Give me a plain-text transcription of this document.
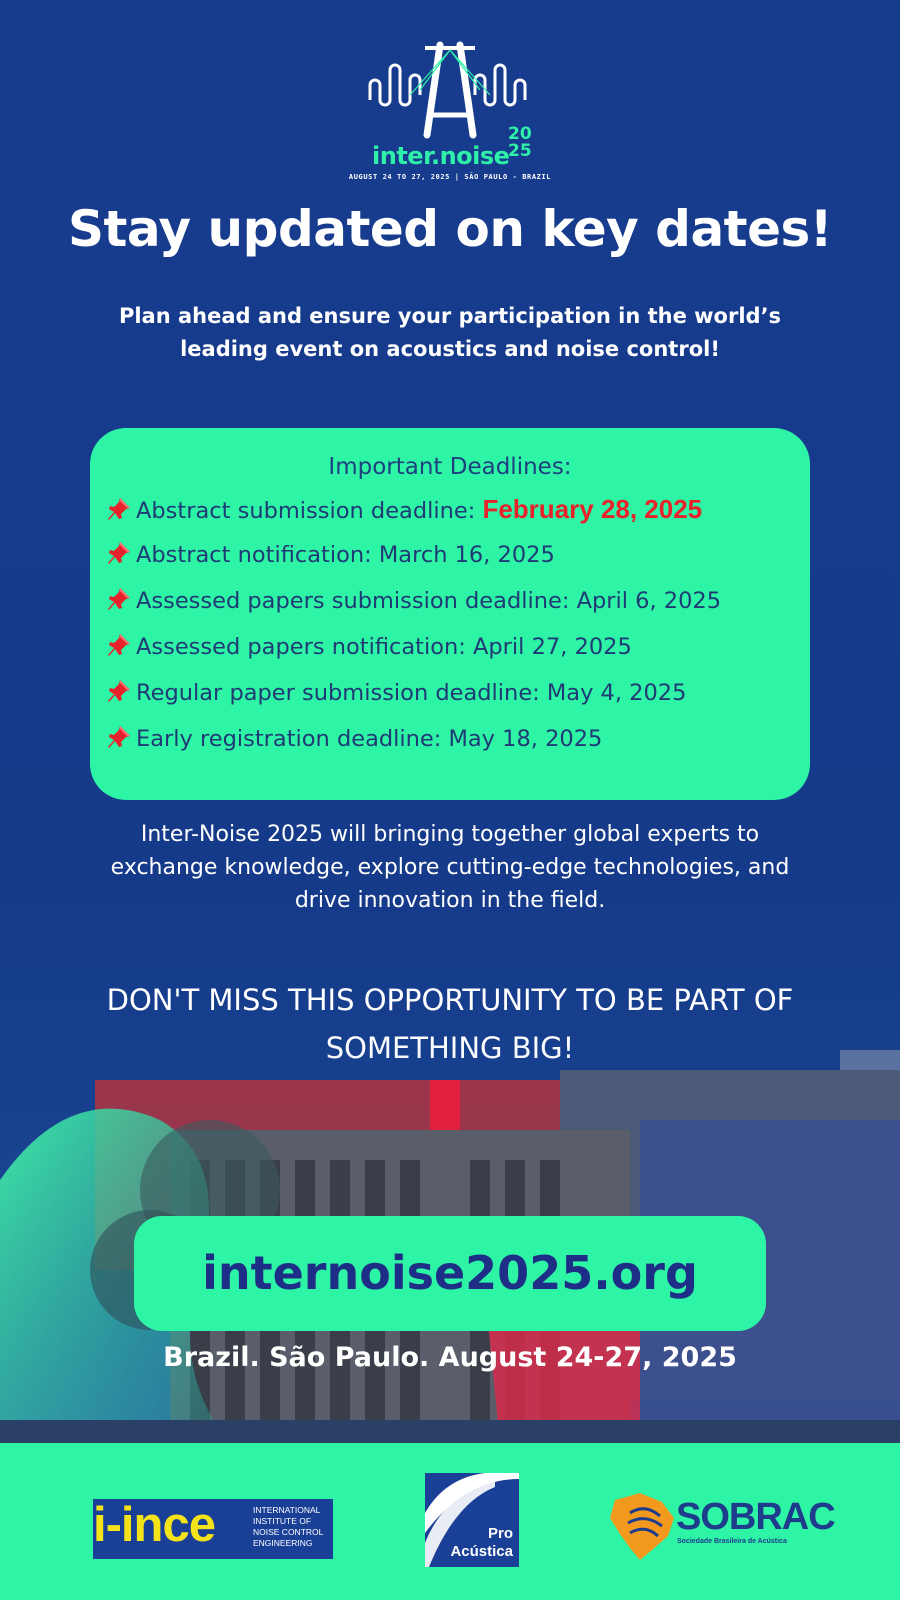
inter.noise
20
25
AUGUST 24 TO 27, 2025 | SÃO PAULO - BRAZIL
Stay updated on key dates!
Plan ahead and ensure your participation in the world’s leading event on acoustics and noise control!
Important Deadlines:
Abstract submission deadline: February 28, 2025
Abstract notification: March 16, 2025
Assessed papers submission deadline: April 6, 2025
Assessed papers notification: April 27, 2025
Regular paper submission deadline: May 4, 2025
Early registration deadline: May 18, 2025
Inter-Noise 2025 will bringing together global experts to exchange knowledge, explore cutting-edge technologies, and drive innovation in the field.
DON'T MISS THIS OPPORTUNITY TO BE PART OF
internoise2025.org
Brazil. São Paulo. August 24-27, 2025
i-ince	INTERNATIONAL
INSTITUTE OF
NOISE CONTROL
ENGINEERING
Pro
Acústica
SOBRAC
Sociedade Brasileira de Acústica
